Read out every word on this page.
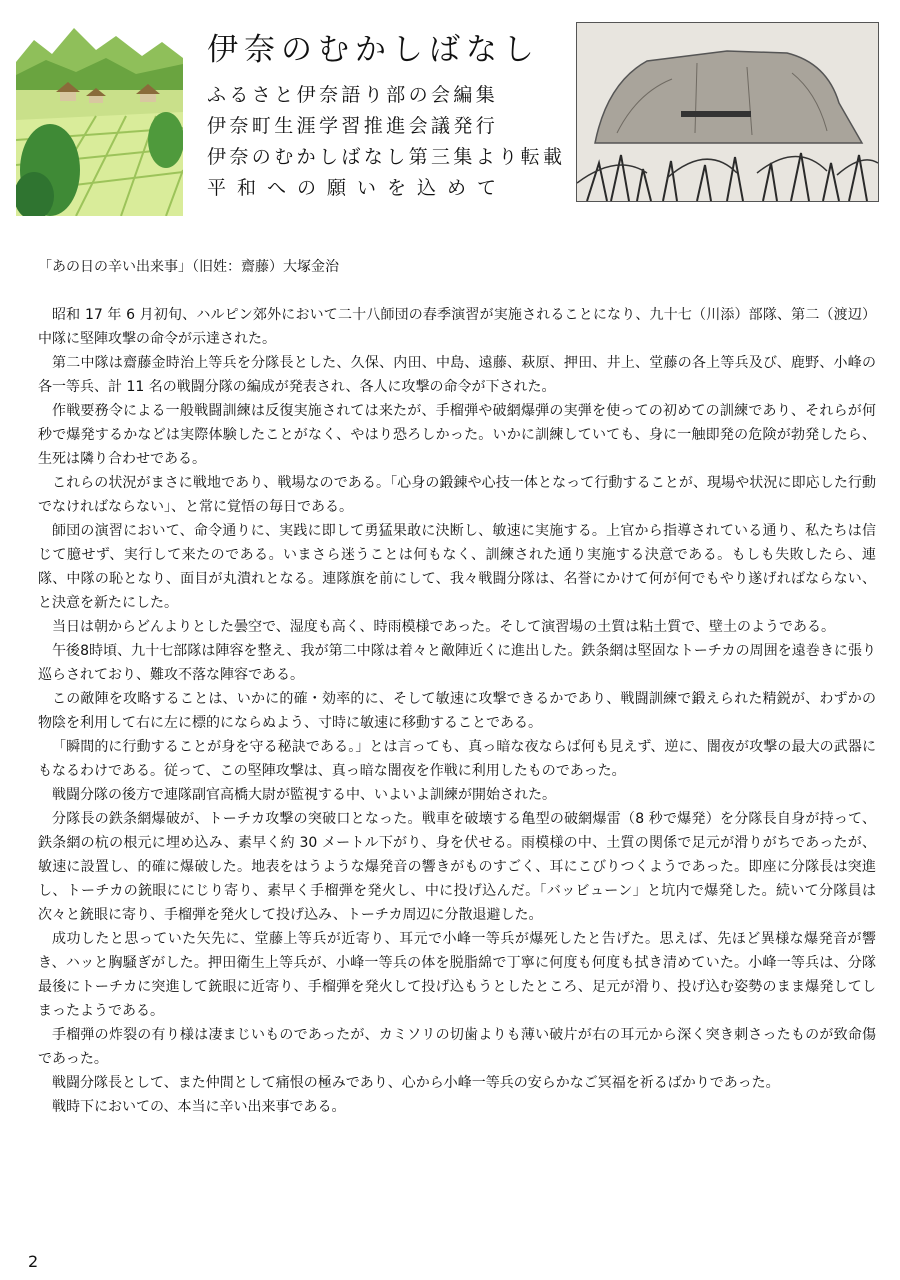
伊奈のむかしばなし

ふるさと伊奈語り部の会編集

伊奈町生涯学習推進会議発行

伊奈のむかしばなし第三集より転載

平和への願いを込めて

「あの日の辛い出来事」（旧姓：齋藤）大塚金治

昭和 17 年 6 月初旬、ハルピン郊外において二十八師団の春季演習が実施されることになり、九十七（川添）部隊、第二（渡辺）中隊に堅陣攻撃の命令が示達された。

第二中隊は齋藤金時治上等兵を分隊長とした、久保、内田、中島、遠藤、萩原、押田、井上、堂藤の各上等兵及び、鹿野、小峰の各一等兵、計 11 名の戦闘分隊の編成が発表され、各人に攻撃の命令が下された。

作戦要務令による一般戦闘訓練は反復実施されては来たが、手榴弾や破網爆弾の実弾を使っての初めての訓練であり、それらが何秒で爆発するかなどは実際体験したことがなく、やはり恐ろしかった。いかに訓練していても、身に一触即発の危険が勃発したら、生死は隣り合わせである。

これらの状況がまさに戦地であり、戦場なのである。「心身の鍛錬や心技一体となって行動することが、現場や状況に即応した行動でなければならない」、と常に覚悟の毎日である。

師団の演習において、命令通りに、実践に即して勇猛果敢に決断し、敏速に実施する。上官から指導されている通り、私たちは信じて臆せず、実行して来たのである。いまさら迷うことは何もなく、訓練された通り実施する決意である。もしも失敗したら、連隊、中隊の恥となり、面目が丸潰れとなる。連隊旗を前にして、我々戦闘分隊は、名誉にかけて何が何でもやり遂げればならない、と決意を新たにした。

当日は朝からどんよりとした曇空で、湿度も高く、時雨模様であった。そして演習場の土質は粘土質で、壁土のようである。

午後8時頃、九十七部隊は陣容を整え、我が第二中隊は着々と敵陣近くに進出した。鉄条網は堅固なトーチカの周囲を遠巻きに張り巡らされており、難攻不落な陣容である。

この敵陣を攻略することは、いかに的確・効率的に、そして敏速に攻撃できるかであり、戦闘訓練で鍛えられた精鋭が、わずかの物陰を利用して右に左に標的にならぬよう、寸時に敏速に移動することである。

「瞬間的に行動することが身を守る秘訣である。」とは言っても、真っ暗な夜ならば何も見えず、逆に、闇夜が攻撃の最大の武器にもなるわけである。従って、この堅陣攻撃は、真っ暗な闇夜を作戦に利用したものであった。

戦闘分隊の後方で連隊副官高橋大尉が監視する中、いよいよ訓練が開始された。

分隊長の鉄条網爆破が、トーチカ攻撃の突破口となった。戦車を破壊する亀型の破網爆雷（8 秒で爆発）を分隊長自身が持って、鉄条網の杭の根元に埋め込み、素早く約 30 メートル下がり、身を伏せる。雨模様の中、土質の関係で足元が滑りがちであったが、敏速に設置し、的確に爆破した。地表をはうような爆発音の響きがものすごく、耳にこびりつくようであった。即座に分隊長は突進し、トーチカの銃眼ににじり寄り、素早く手榴弾を発火し、中に投げ込んだ。「バッビューン」と坑内で爆発した。続いて分隊員は次々と銃眼に寄り、手榴弾を発火して投げ込み、トーチカ周辺に分散退避した。

成功したと思っていた矢先に、堂藤上等兵が近寄り、耳元で小峰一等兵が爆死したと告げた。思えば、先ほど異様な爆発音が響き、ハッと胸騒ぎがした。押田衛生上等兵が、小峰一等兵の体を脱脂綿で丁寧に何度も何度も拭き清めていた。小峰一等兵は、分隊最後にトーチカに突進して銃眼に近寄り、手榴弾を発火して投げ込もうとしたところ、足元が滑り、投げ込む姿勢のまま爆発してしまったようである。

手榴弾の炸裂の有り様は凄まじいものであったが、カミソリの切歯よりも薄い破片が右の耳元から深く突き刺さったものが致命傷であった。

戦闘分隊長として、また仲間として痛恨の極みであり、心から小峰一等兵の安らかなご冥福を祈るばかりであった。

戦時下においての、本当に辛い出来事である。

2
